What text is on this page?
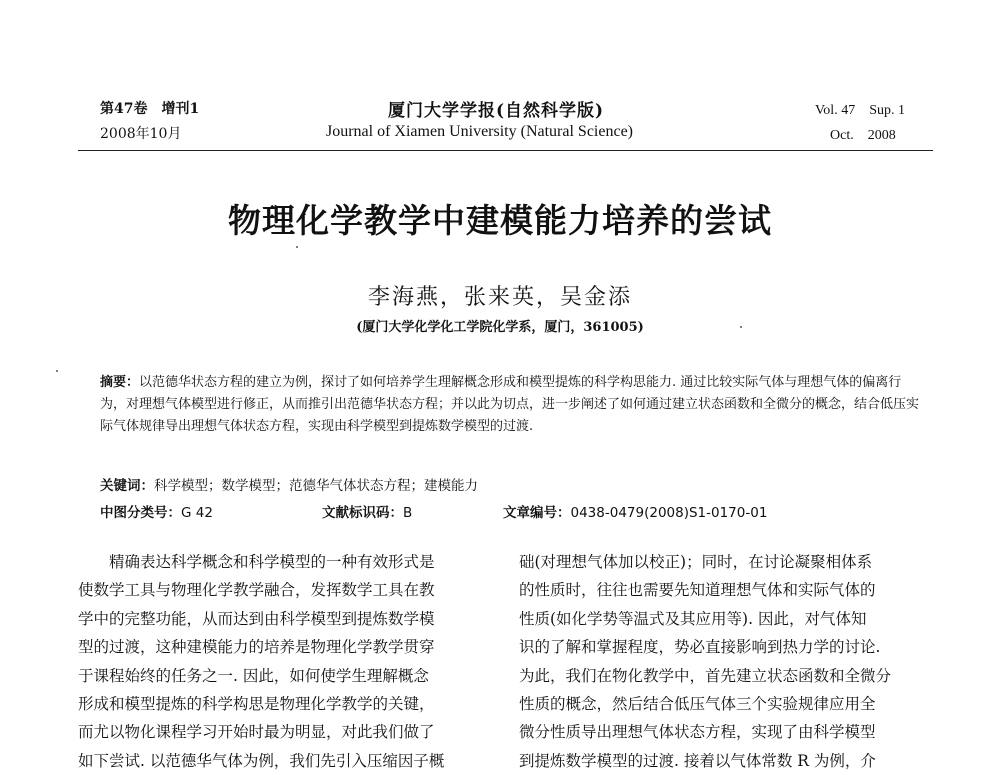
第47卷　增刊1
2008年10月
厦门大学学报(自然科学版)
Journal of Xiamen University (Natural Science)
Vol. 47　Sup. 1
Oct.　2008
物理化学教学中建模能力培养的尝试
李海燕，张来英，吴金添
(厦门大学化学化工学院化学系，厦门，361005)
摘要：以范德华状态方程的建立为例，探讨了如何培养学生理解概念形成和模型提炼的科学构思能力. 通过比较实际气体与理想气体的偏离行为，对理想气体模型进行修正，从而推引出范德华状态方程；并以此为切点，进一步阐述了如何通过建立状态函数和全微分的概念，结合低压实际气体规律导出理想气体状态方程，实现由科学模型到提炼数学模型的过渡.
关键词：科学模型；数学模型；范德华气体状态方程；建模能力
中图分类号：G 42	文献标识码：B	文章编号：0438-0479(2008)S1-0170-01
　　精确表达科学概念和科学模型的一种有效形式是
使数学工具与物理化学教学融合，发挥数学工具在教
学中的完整功能，从而达到由科学模型到提炼数学模
型的过渡，这种建模能力的培养是物理化学教学贯穿
于课程始终的任务之一. 因此，如何使学生理解概念
形成和模型提炼的科学构思是物理化学教学的关键，
而尤以物化课程学习开始时最为明显，对此我们做了
如下尝试. 以范德华气体为例，我们先引入压缩因子概
础(对理想气体加以校正)；同时，在讨论凝聚相体系
的性质时，往往也需要先知道理想气体和实际气体的
性质(如化学势等温式及其应用等). 因此，对气体知
识的了解和掌握程度，势必直接影响到热力学的讨论.
为此，我们在物化教学中，首先建立状态函数和全微分
性质的概念，然后结合低压气体三个实验规律应用全
微分性质导出理想气体状态方程，实现了由科学模型
到提炼数学模型的过渡. 接着以气体常数 R 为例，介
